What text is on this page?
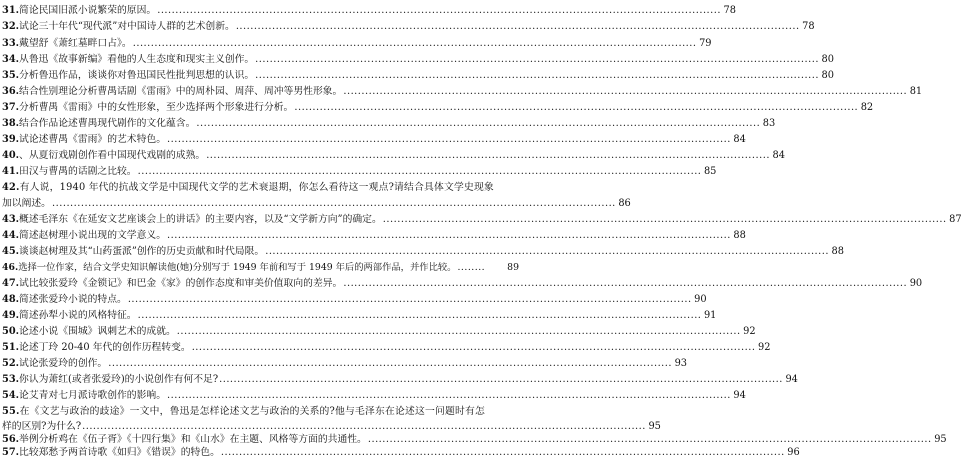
31.简论民国旧派小说繁荣的原因。 ............................................................................................................................................................ 78
32.试论三十年代“现代派”对中国诗人群的艺术创新。 ............................................................................................................................................................ 78
33.戴望舒《萧红墓畔口占》。 ............................................................................................................................................................ 79
34.从鲁迅《故事新编》看他的人生态度和现实主义创作。 ............................................................................................................................................................ 80
35.分析鲁迅作品，谈谈你对鲁迅国民性批判思想的认识。 ............................................................................................................................................................ 80
36.结合性别理论分析曹禺话剧《雷雨》中的周朴园、周萍、周冲等男性形象。 ............................................................................................................................................................ 81
37.分析曹禺《雷雨》中的女性形象，至少选择两个形象进行分析。 ............................................................................................................................................................ 82
38.结合作品论述曹禺现代剧作的文化蕴含。 ............................................................................................................................................................ 83
39.试论述曹禺《雷雨》的艺术特色。 ............................................................................................................................................................ 84
40.、从夏衍戏剧创作看中国现代戏剧的成熟。 ............................................................................................................................................................ 84
41.田汉与曹禺的话剧之比较。 ............................................................................................................................................................ 85
42.有人说，1940 年代的抗战文学是中国现代文学的艺术衰退期，你怎么看待这一观点?请结合具体文学史现象
加以阐述。 ............................................................................................................................................................ 86
43.概述毛泽东《在延安文艺座谈会上的讲话》的主要内容，以及“文学新方向”的确定。 ............................................................................................................................................................ 87
44.简述赵树理小说出现的文学意义。 ............................................................................................................................................................ 88
45.谈谈赵树理及其“山药蛋派”创作的历史贡献和时代局限。 ............................................................................................................................................................ 88
46.选择一位作家，结合文学史知识解读他(她)分别写于 1949 年前和写于 1949 年后的两部作品，并作比较。 ........	89
47.试比较张爱玲《金锁记》和巴金《家》的创作态度和审美价值取向的差异。 ............................................................................................................................................................ 90
48.简述张爱玲小说的特点。 ............................................................................................................................................................ 90
49.简述孙犁小说的风格特征。 ............................................................................................................................................................ 91
50.论述小说《围城》讽刺艺术的成就。 ............................................................................................................................................................ 92
51.论述丁玲 20-40 年代的创作历程转变。 ............................................................................................................................................................ 92
52.试论张爱玲的创作。 ............................................................................................................................................................ 93
53.你认为萧红(或者张爱玲)的小说创作有何不足? ............................................................................................................................................................ 94
54.论艾青对七月派诗歌创作的影响。 ............................................................................................................................................................ 94
55.在《文艺与政治的歧途》一文中，鲁迅是怎样论述文艺与政治的关系的?他与毛泽东在论述这一问题时有怎
样的区别?为什么? ............................................................................................................................................................ 95
56.举例分析鸡在《伍子胥》《十四行集》和《山水》在主题、风格等方面的共通性。 ............................................................................................................................................................ 95
57.比较郑愁予两首诗歌《如归》《错误》的特色。 ............................................................................................................................................................ 96
